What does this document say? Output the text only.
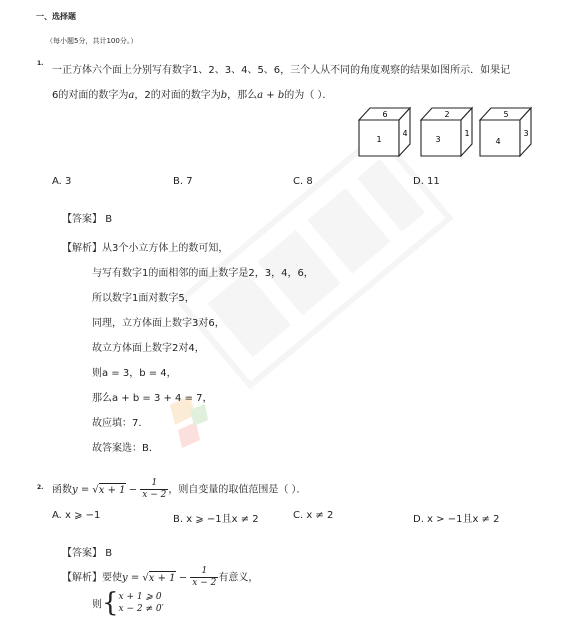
一、选择题
（每小题5分，共计100分。）
1.
一正方体六个面上分别写有数字1、2、3、4、5、6，三个人从不同的角度观察的结果如图所示．如果记
6的对面的数字为a，2的对面的数字为b，那么a + b的为（ ）．
6
1
4
2
3
1
5
4
3
A. 3	B. 7	C. 8	D. 11
【答案】 B
【解析】从3个小立方体上的数可知，
与写有数字1的面相邻的面上数字是2，3，4，6，
所以数字1面对数字5，
同理，立方体面上数字3对6，
故立方体面上数字2对4，
则a = 3，b = 4，
那么a + b = 3 + 4 = 7，
故应填：7．
故答案选：B．
2. 函数$y = √x + 1 - \frac{1}{x - 2}$ ，则自变量的取值范围是（ ）．
A. x ⩾ −1	B. x ⩾ −1且x ≠ 2	C. x ≠ 2	D. x > −1且x ≠ 2
【答案】 B
【解析】要使$y = √x + 1 - \frac{1}{x - 2}$ 有意义，
则{ x + 1 ⩾ 0
x − 2 ≠ 0′
